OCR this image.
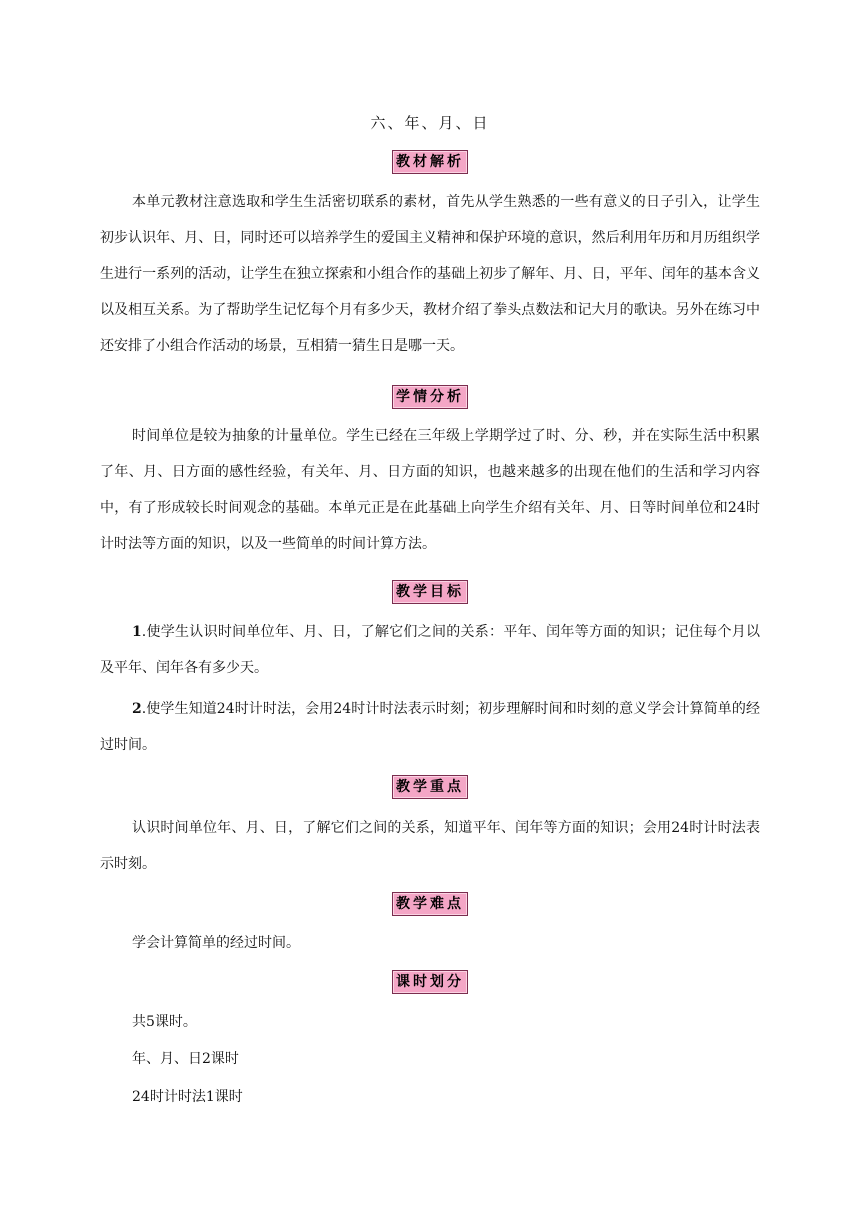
六、年、月、日
教材解析
本单元教材注意选取和学生生活密切联系的素材，首先从学生熟悉的一些有意义的日子引入，让学生初步认识年、月、日，同时还可以培养学生的爱国主义精神和保护环境的意识，然后利用年历和月历组织学生进行一系列的活动，让学生在独立探索和小组合作的基础上初步了解年、月、日，平年、闰年的基本含义以及相互关系。为了帮助学生记忆每个月有多少天，教材介绍了拳头点数法和记大月的歌诀。另外在练习中还安排了小组合作活动的场景，互相猜一猜生日是哪一天。
学情分析
时间单位是较为抽象的计量单位。学生已经在三年级上学期学过了时、分、秒，并在实际生活中积累了年、月、日方面的感性经验，有关年、月、日方面的知识，也越来越多的出现在他们的生活和学习内容中，有了形成较长时间观念的基础。本单元正是在此基础上向学生介绍有关年、月、日等时间单位和24时计时法等方面的知识，以及一些简单的时间计算方法。
教学目标
1.使学生认识时间单位年、月、日，了解它们之间的关系：平年、闰年等方面的知识；记住每个月以及平年、闰年各有多少天。
2.使学生知道24时计时法，会用24时计时法表示时刻；初步理解时间和时刻的意义学会计算简单的经过时间。
教学重点
认识时间单位年、月、日，了解它们之间的关系，知道平年、闰年等方面的知识；会用24时计时法表示时刻。
教学难点
学会计算简单的经过时间。
课时划分
共5课时。
年、月、日2课时
24时计时法1课时
